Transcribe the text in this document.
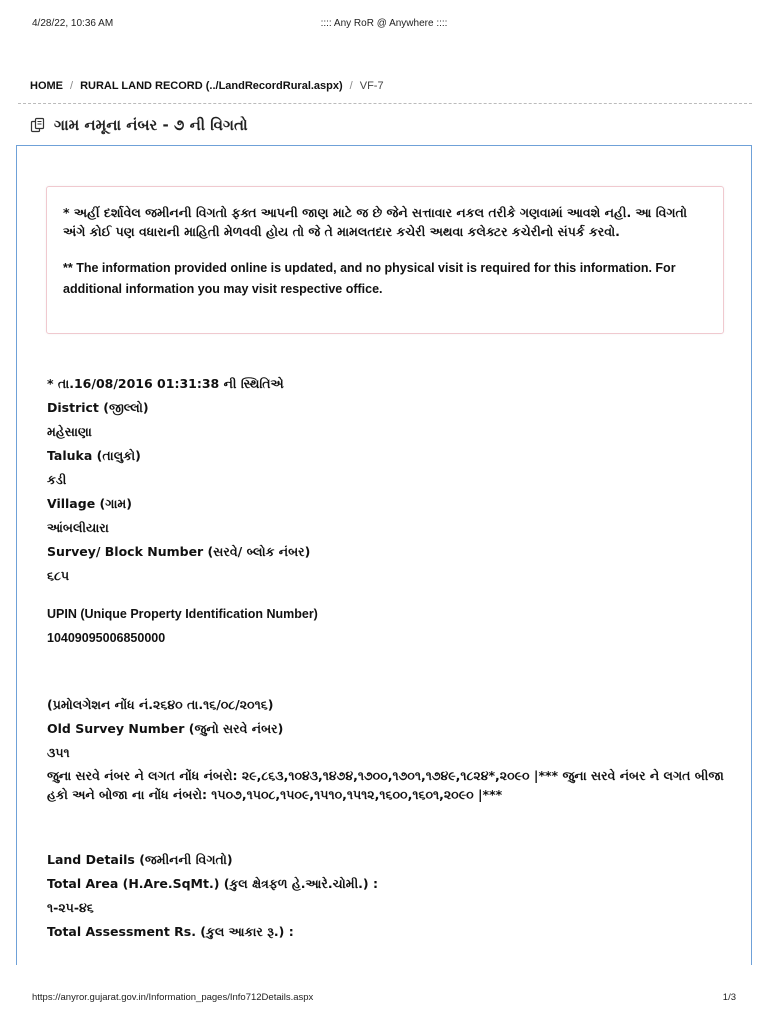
4/28/22, 10:36 AM	:::: Any RoR @ Anywhere ::::
HOME / RURAL LAND RECORD (../LandRecordRural.aspx) / VF-7
ગામ નમૂના નંબર - ૭ ની વિગતો

* અહીં દર્શાવેલ જમીનની વિગતો ફક્ત આપની જાણ માટે જ છે જેને સત્તાવાર નકલ તરીકે ગણવામાં આવશે નહી. આ વિગતો અંગે કોઈ પણ વધારાની માહિતી મેળવવી હોય તો જે તે મામલતદાર કચેરી અથવા કલેક્ટર કચેરીનો સંપર્ક કરવો.

** The information provided online is updated, and no physical visit is required for this information. For additional information you may visit respective office.

* તા.16/08/2016 01:31:38 ની સ્થિતિએ
District (જીલ્લો)
મહેસાણા
Taluka (તાલુકો)
કડી
Village (ગામ)
આંબલીયારા
Survey/ Block Number (સરવે/ બ્લોક નંબર)
૬૮૫
UPIN (Unique Property Identification Number)
10409095006850000
(પ્રમોલગેશન નોંધ નં.૨૬૪૦ તા.૧૬/૦૮/૨૦૧૬)
Old Survey Number (જુનો સરવે નંબર)
૩૫૧
જુના સરવે નંબર ને લગત નોંધ નંબરો: ૨૯,૮૬૩,૧૦૪૩,૧૪૭૪,૧૭૦૦,૧૭૦૧,૧૭૪૯,૧૮૨૪*,૨૦૯૦ |*** જુના સરવે નંબર ને લગત બીજા હકો અને બોજા ના નોંધ નંબરો: ૧૫૦૭,૧૫૦૮,૧૫૦૯,૧૫૧૦,૧૫૧૨,૧૬૦૦,૧૬૦૧,૨૦૯૦ |***
Land Details (જમીનની વિગતો)
Total Area (H.Are.SqMt.) (કુલ ક્ષેત્રફળ હે.આરે.ચોમી.) :
૧-૨૫-૪૬
Total Assessment Rs. (કુલ આકાર રૂ.) :
https://anyror.gujarat.gov.in/Information_pages/Info712Details.aspx	1/3
